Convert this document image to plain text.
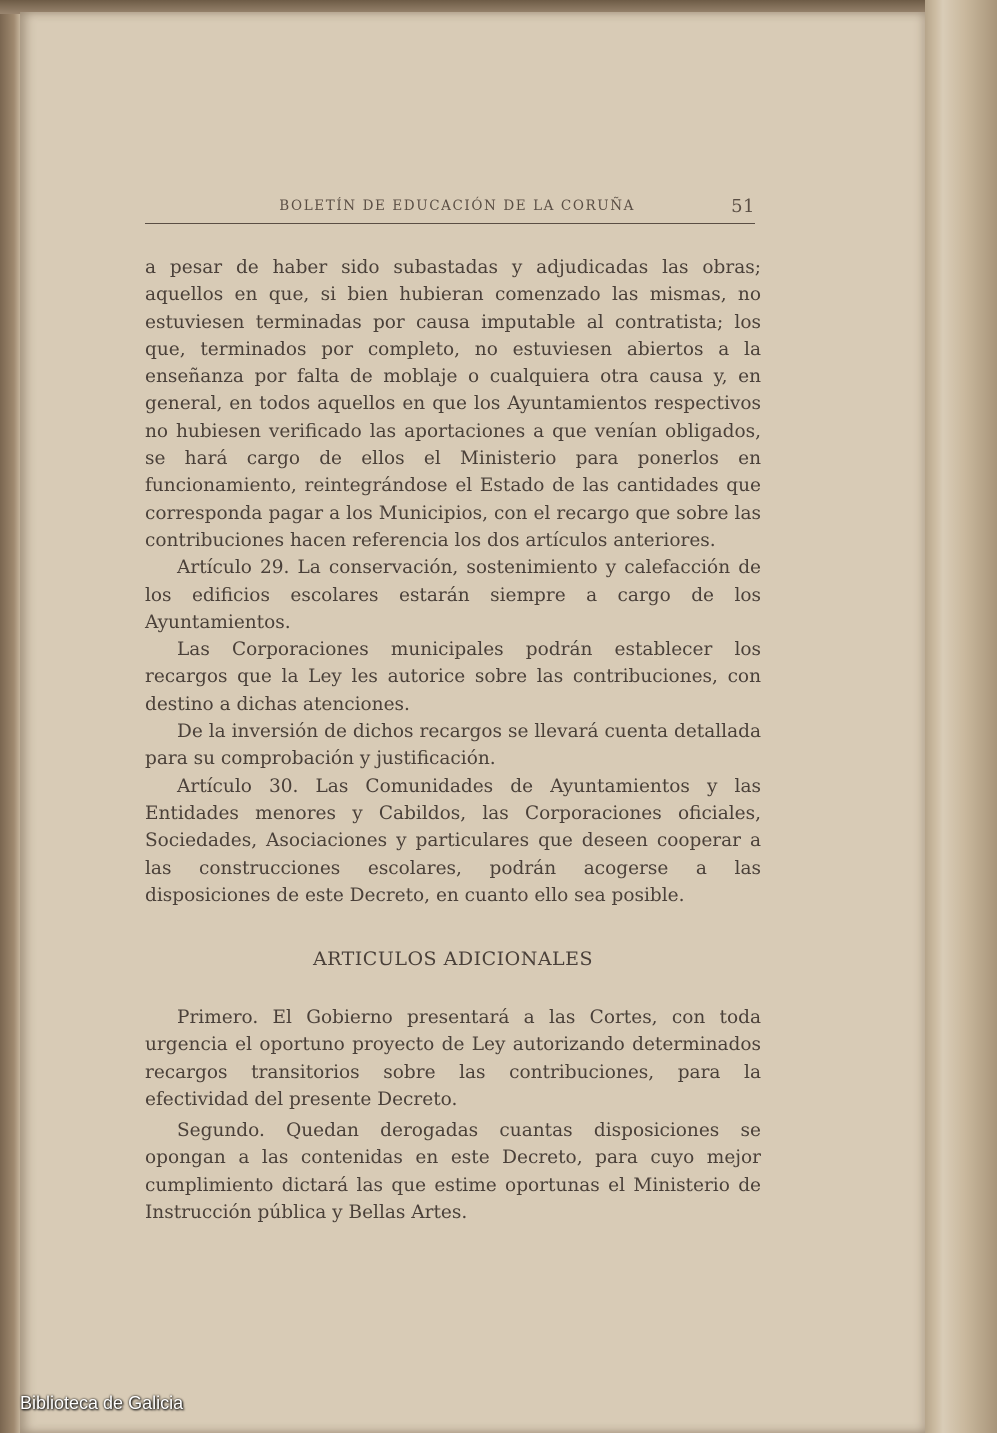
BOLETÍN DE EDUCACIÓN DE LA CORUÑA	51

a pesar de haber sido subastadas y adjudicadas las obras; aquellos en que, si bien hubieran comenzado las mismas, no estuviesen terminadas por causa imputable al contratista; los que, terminados por completo, no estuviesen abiertos a la enseñanza por falta de moblaje o cualquiera otra causa y, en general, en todos aquellos en que los Ayuntamientos respectivos no hubiesen verificado las aportaciones a que venían obligados, se hará cargo de ellos el Ministerio para ponerlos en funcionamiento, reintegrándose el Estado de las cantidades que corresponda pagar a los Municipios, con el recargo que sobre las contribuciones hacen referencia los dos artículos anteriores.

Artículo 29. La conservación, sostenimiento y calefacción de los edificios escolares estarán siempre a cargo de los Ayuntamientos.

Las Corporaciones municipales podrán establecer los recargos que la Ley les autorice sobre las contribuciones, con destino a dichas atenciones.

De la inversión de dichos recargos se llevará cuenta detallada para su comprobación y justificación.

Artículo 30. Las Comunidades de Ayuntamientos y las Entidades menores y Cabildos, las Corporaciones oficiales, Sociedades, Asociaciones y particulares que deseen cooperar a las construcciones escolares, podrán acogerse a las disposiciones de este Decreto, en cuanto ello sea posible.

ARTICULOS ADICIONALES

Primero. El Gobierno presentará a las Cortes, con toda urgencia el oportuno proyecto de Ley autorizando determinados recargos transitorios sobre las contribuciones, para la efectividad del presente Decreto.

Segundo. Quedan derogadas cuantas disposiciones se opongan a las contenidas en este Decreto, para cuyo mejor cumplimiento dictará las que estime oportunas el Ministerio de Instrucción pública y Bellas Artes.

Biblioteca de Galicia
